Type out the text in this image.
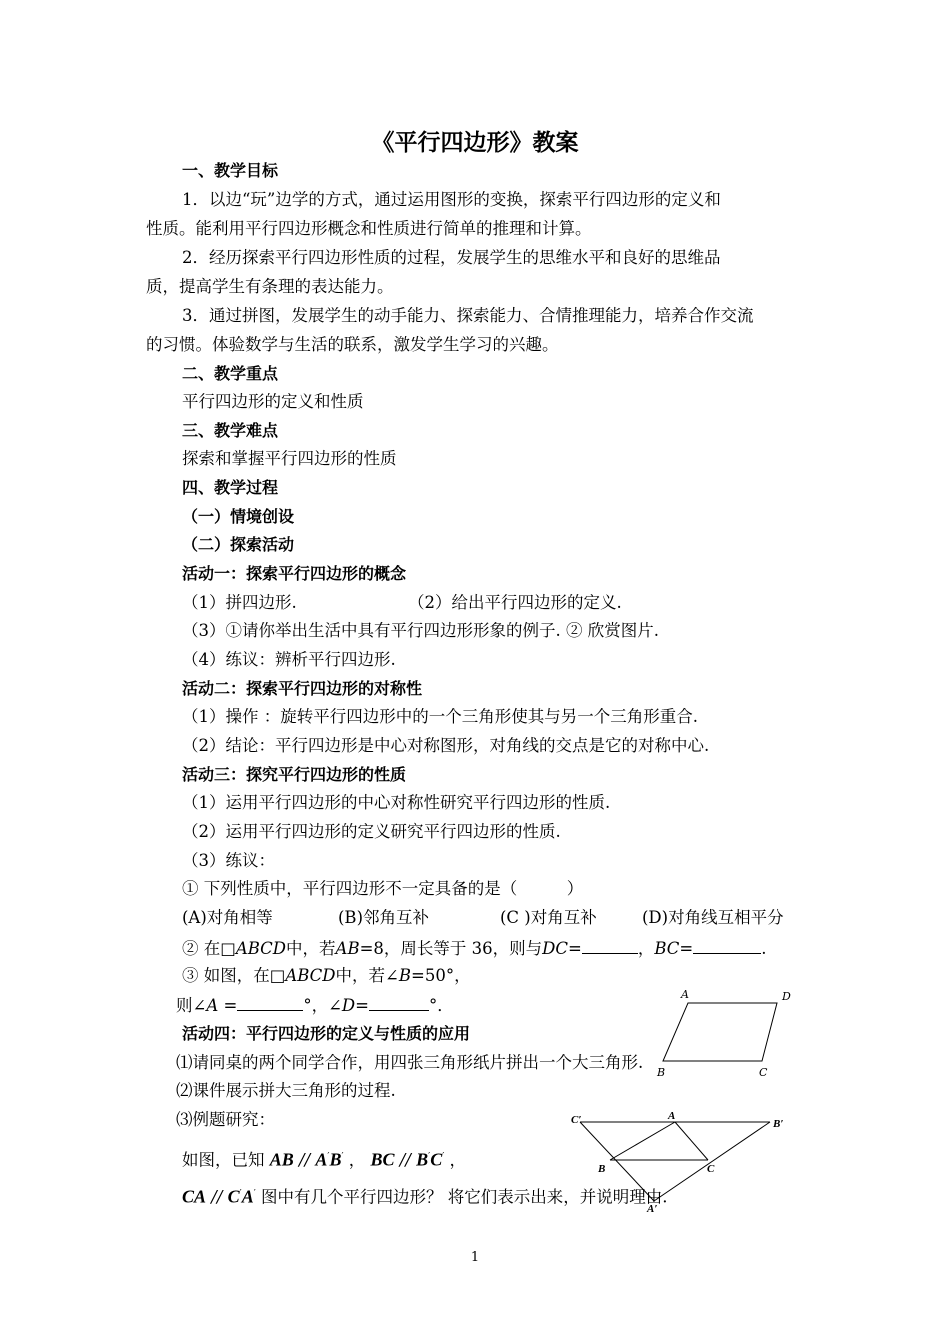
《平行四边形》教案
一、教学目标
1．以边“玩”边学的方式，通过运用图形的变换，探索平行四边形的定义和
性质。能利用平行四边形概念和性质进行简单的推理和计算。
2．经历探索平行四边形性质的过程，发展学生的思维水平和良好的思维品
质，提高学生有条理的表达能力。
3．通过拼图，发展学生的动手能力、探索能力、合情推理能力，培养合作交流
的习惯。体验数学与生活的联系，激发学生学习的兴趣。
二、教学重点
平行四边形的定义和性质
三、教学难点
探索和掌握平行四边形的性质
四、教学过程
（一）情境创设
（二）探索活动
活动一：探索平行四边形的概念
（1）拼四边形.	（2）给出平行四边形的定义.
（3）①请你举出生活中具有平行四边形形象的例子. ② 欣赏图片.
（4）练议：辨析平行四边形.
活动二：探索平行四边形的对称性
（1）操作 ：旋转平行四边形中的一个三角形使其与另一个三角形重合.
（2）结论：平行四边形是中心对称图形，对角线的交点是它的对称中心.
活动三：探究平行四边形的性质
（1）运用平行四边形的中心对称性研究平行四边形的性质.
（2）运用平行四边形的定义研究平行四边形的性质.
（3）练议：
① 下列性质中，平行四边形不一定具备的是（　　　）
(A)对角相等	(B)邻角互补	(C )对角互补	(D)对角线互相平分
② 在□ABCD中，若AB=8，周长等于 36，则与DC=	，BC=	.
③ 如图，在□ABCD中，若∠B=50°，
则∠A =	°，∠D=	°．
A	D
B	C
活动四：平行四边形的定义与性质的应用
⑴请同桌的两个同学合作，用四张三角形纸片拼出一个大三角形.
⑵课件展示拼大三角形的过程.
⑶例题研究：
如图，已知 AB // A′B′ ， BC // B′C′ ，
CA // C′A′ 图中有几个平行四边形？ 将它们表示出来，并说明理由.
C′	A
B′
B	C
A′
1
